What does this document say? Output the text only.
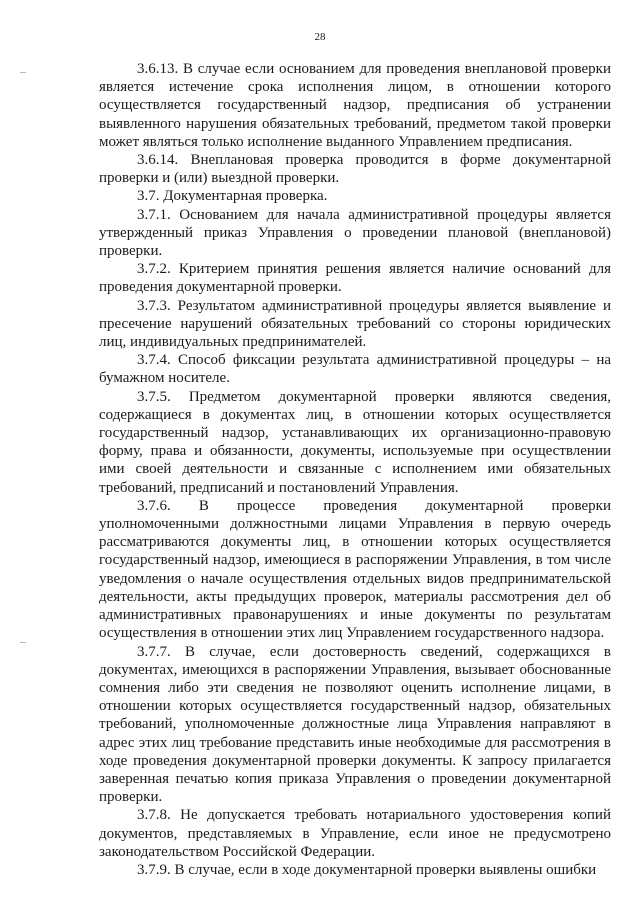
28

3.6.13. В случае если основанием для проведения внеплановой проверки является истечение срока исполнения лицом, в отношении которого осуществляется государственный надзор, предписания об устранении выявленного нарушения обязательных требований, предметом такой проверки может являться только исполнение выданного Управлением предписания.

3.6.14. Внеплановая проверка проводится в форме документарной проверки и (или) выездной проверки.

3.7. Документарная проверка.

3.7.1. Основанием для начала административной процедуры является утвержденный приказ Управления о проведении плановой (внеплановой) проверки.

3.7.2. Критерием принятия решения является наличие оснований для проведения документарной проверки.

3.7.3. Результатом административной процедуры является выявление и пресечение нарушений обязательных требований со стороны юридических лиц, индивидуальных предпринимателей.

3.7.4. Способ фиксации результата административной процедуры – на бумажном носителе.

3.7.5. Предметом документарной проверки являются сведения, содержащиеся в документах лиц, в отношении которых осуществляется государственный надзор, устанавливающих их организационно-правовую форму, права и обязанности, документы, используемые при осуществлении ими своей деятельности и связанные с исполнением ими обязательных требований, предписаний и постановлений Управления.

3.7.6. В процессе проведения документарной проверки уполномоченными должностными лицами Управления в первую очередь рассматриваются документы лиц, в отношении которых осуществляется государственный надзор, имеющиеся в распоряжении Управления, в том числе уведомления о начале осуществления отдельных видов предпринимательской деятельности, акты предыдущих проверок, материалы рассмотрения дел об административных правонарушениях и иные документы по результатам осуществления в отношении этих лиц Управлением государственного надзора.

3.7.7. В случае, если достоверность сведений, содержащихся в документах, имеющихся в распоряжении Управления, вызывает обоснованные сомнения либо эти сведения не позволяют оценить исполнение лицами, в отношении которых осуществляется государственный надзор, обязательных требований, уполномоченные должностные лица Управления направляют в адрес этих лиц требование представить иные необходимые для рассмотрения в ходе проведения документарной проверки документы. К запросу прилагается заверенная печатью копия приказа Управления о проведении документарной проверки.

3.7.8. Не допускается требовать нотариального удостоверения копий документов, представляемых в Управление, если иное не предусмотрено законодательством Российской Федерации.

3.7.9. В случае, если в ходе документарной проверки выявлены ошибки
